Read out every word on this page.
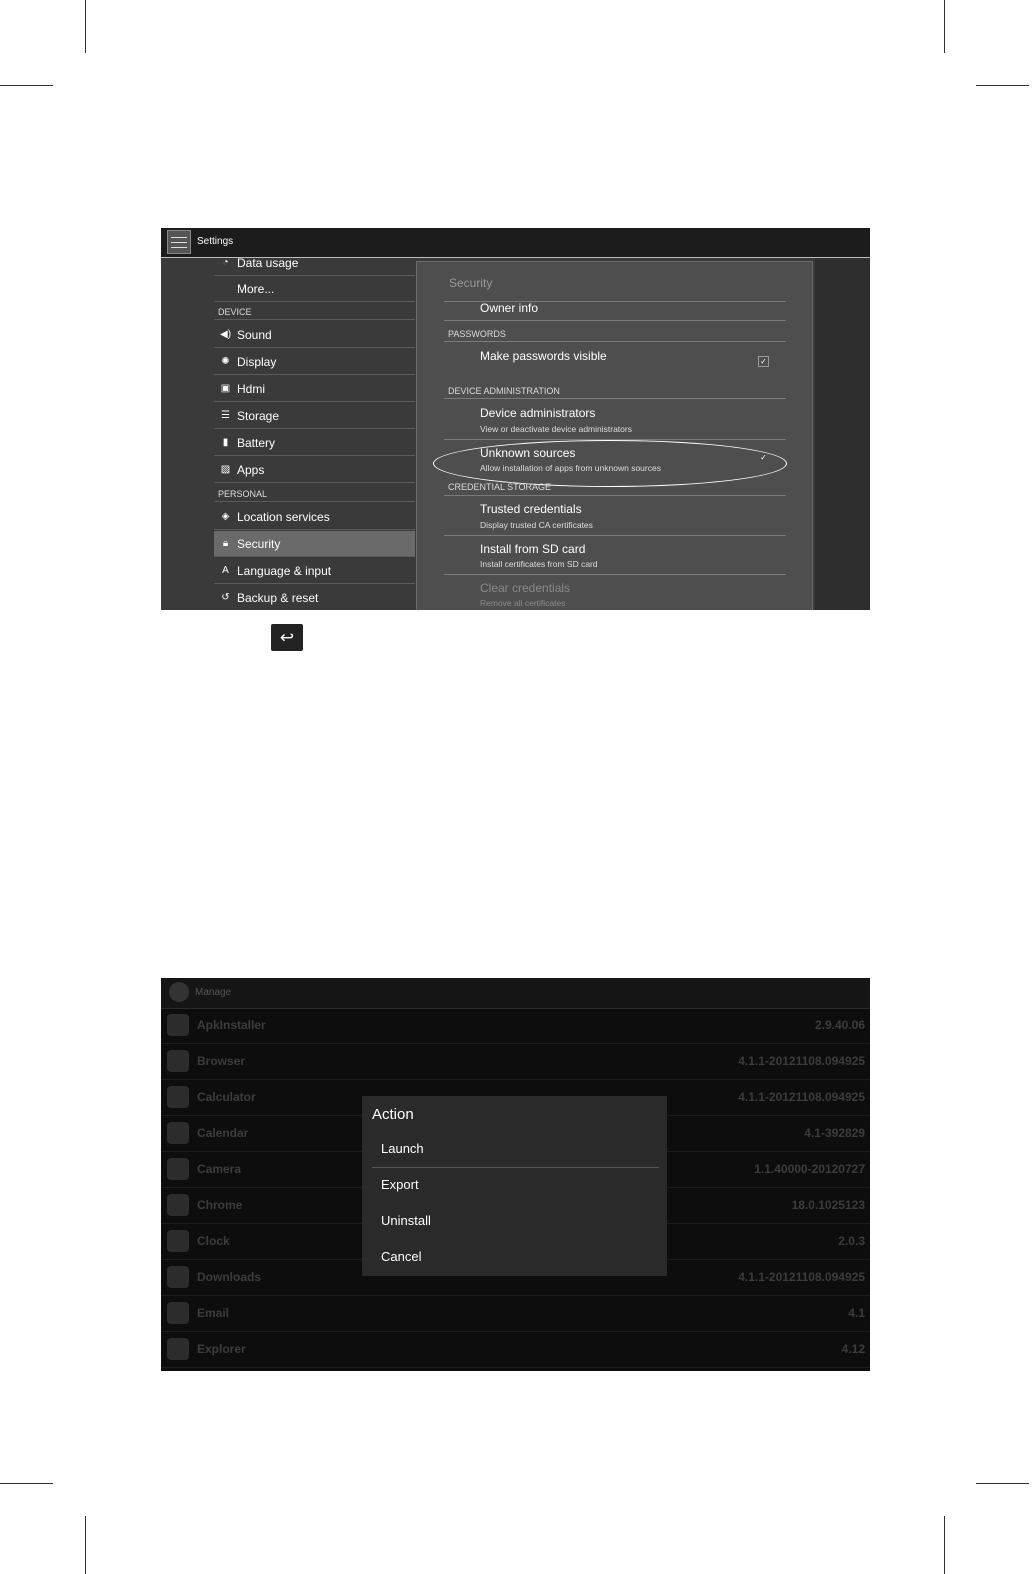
Settings
◔ Data usage
More...
DEVICE
◀) Sound
✺ Display
▣ Hdmi
☰ Storage
▮ Battery
▨ Apps
PERSONAL
◈ Location services
🔒︎ Security
A Language & input
↺ Backup & reset
Security
Owner info
PASSWORDS
Make passwords visible	✓
DEVICE ADMINISTRATION
Device administrators
View or deactivate device administrators
Unknown sources
Allow installation of apps from unknown sources
✓
CREDENTIAL STORAGE
Trusted credentials
Display trusted CA certificates
Install from SD card
Install certificates from SD card
Clear credentials
Remove all certificates
↩
Manage
ApkInstaller	2.9.40.06
Browser	4.1.1-20121108.094925
Calculator	4.1.1-20121108.094925
Calendar	4.1-392829
Camera	1.1.40000-20120727
Chrome	18.0.1025123
Clock	2.0.3
Downloads	4.1.1-20121108.094925
Email	4.1
Explorer	4.12
Action
Launch
Export
Uninstall
Cancel
